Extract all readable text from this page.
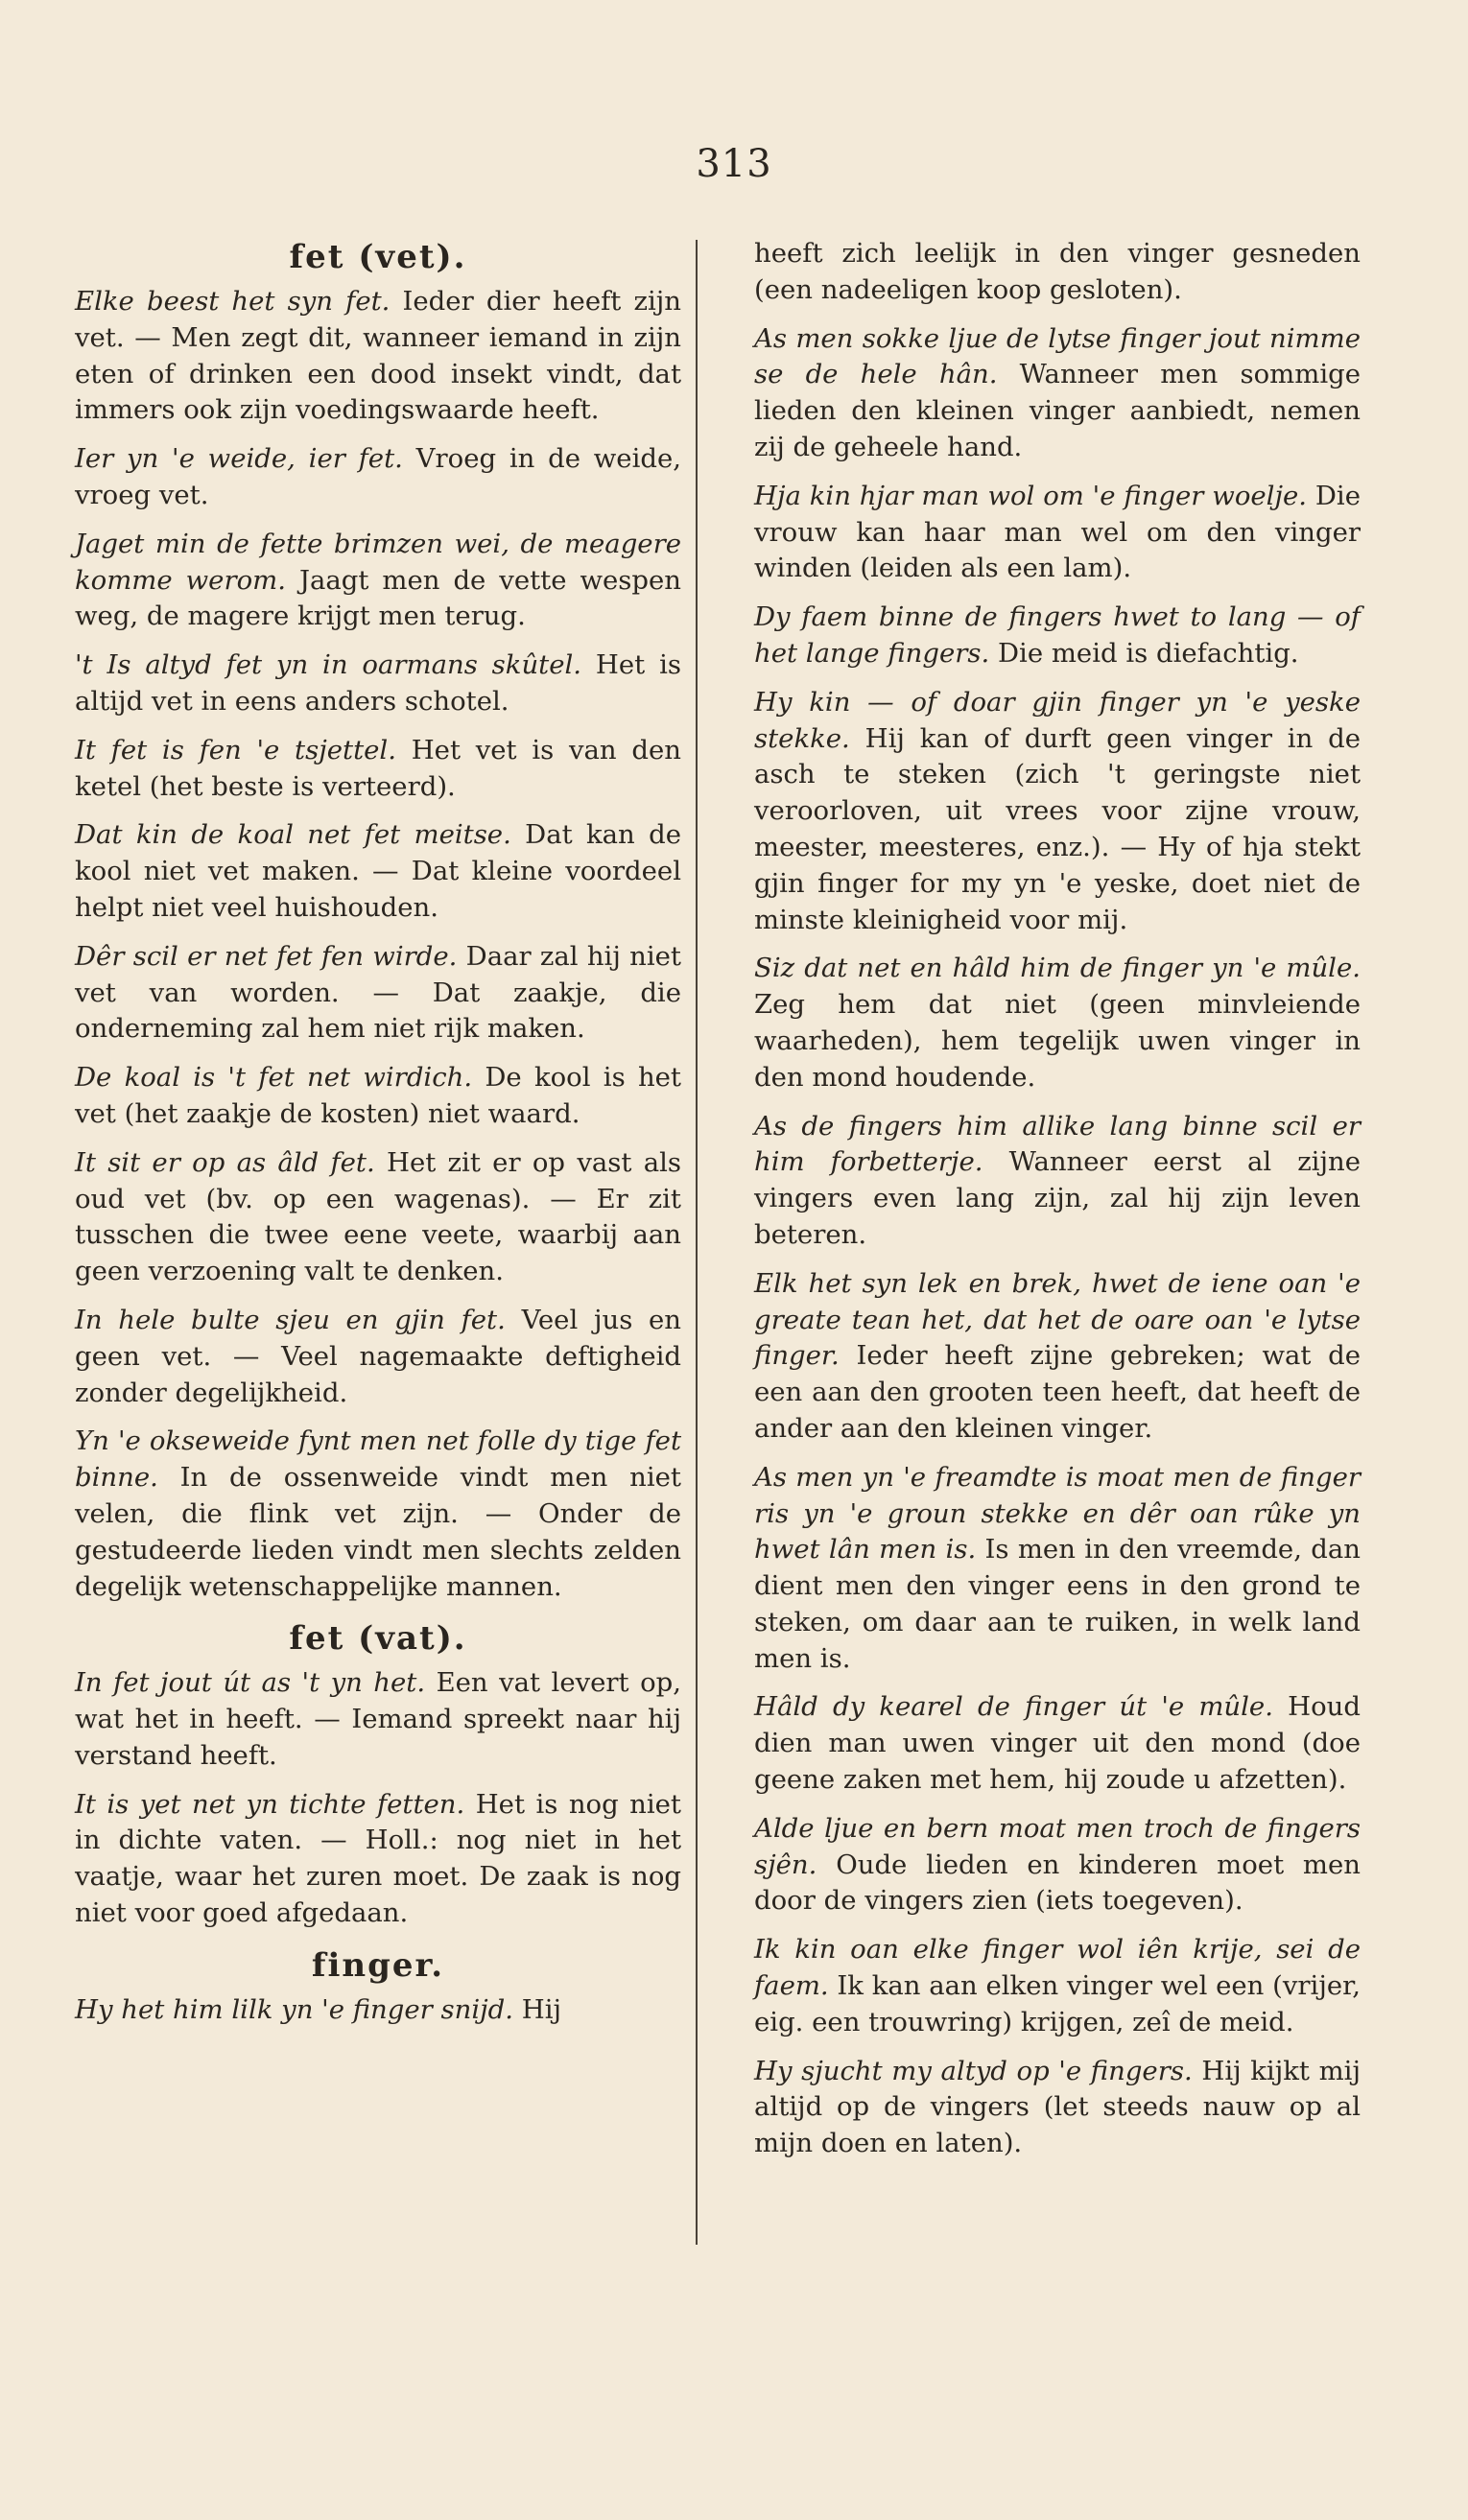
313
fet (vet).

Elke beest het syn fet. Ieder dier heeft zijn vet. — Men zegt dit, wanneer iemand in zijn eten of drinken een dood insekt vindt, dat immers ook zijn voedingswaarde heeft.

Ier yn 'e weide, ier fet. Vroeg in de weide, vroeg vet.

Jaget min de fette brimzen wei, de meagere komme werom. Jaagt men de vette wespen weg, de magere krijgt men terug.

't Is altyd fet yn in oarmans skûtel. Het is altijd vet in eens anders schotel.

It fet is fen 'e tsjettel. Het vet is van den ketel (het beste is verteerd).

Dat kin de koal net fet meitse. Dat kan de kool niet vet maken. — Dat kleine voordeel helpt niet veel huishouden.

Dêr scil er net fet fen wirde. Daar zal hij niet vet van worden. — Dat zaakje, die onderneming zal hem niet rijk maken.

De koal is 't fet net wirdich. De kool is het vet (het zaakje de kosten) niet waard.

It sit er op as âld fet. Het zit er op vast als oud vet (bv. op een wagenas). — Er zit tusschen die twee eene veete, waarbij aan geen verzoening valt te denken.

In hele bulte sjeu en gjin fet. Veel jus en geen vet. — Veel nagemaakte deftigheid zonder degelijkheid.

Yn 'e okseweide fynt men net folle dy tige fet binne. In de ossenweide vindt men niet velen, die flink vet zijn. — Onder de gestudeerde lieden vindt men slechts zelden degelijk wetenschappelijke mannen.

fet (vat).

In fet jout út as 't yn het. Een vat levert op, wat het in heeft. — Iemand spreekt naar hij verstand heeft.

It is yet net yn tichte fetten. Het is nog niet in dichte vaten. — Holl.: nog niet in het vaatje, waar het zuren moet. De zaak is nog niet voor goed afgedaan.

finger.

Hy het him lilk yn 'e finger snijd. Hij

heeft zich leelijk in den vinger gesneden (een nadeeligen koop gesloten).

As men sokke ljue de lytse finger jout nimme se de hele hân. Wanneer men sommige lieden den kleinen vinger aanbiedt, nemen zij de geheele hand.

Hja kin hjar man wol om 'e finger woelje. Die vrouw kan haar man wel om den vinger winden (leiden als een lam).

Dy faem binne de fingers hwet to lang — of het lange fingers. Die meid is diefachtig.

Hy kin — of doar gjin finger yn 'e yeske stekke. Hij kan of durft geen vinger in de asch te steken (zich 't geringste niet veroorloven, uit vrees voor zijne vrouw, meester, meesteres, enz.). — Hy of hja stekt gjin finger for my yn 'e yeske, doet niet de minste kleinigheid voor mij.

Siz dat net en hâld him de finger yn 'e mûle. Zeg hem dat niet (geen minvleiende waarheden), hem tegelijk uwen vinger in den mond houdende.

As de fingers him allike lang binne scil er him forbetterje. Wanneer eerst al zijne vingers even lang zijn, zal hij zijn leven beteren.

Elk het syn lek en brek, hwet de iene oan 'e greate tean het, dat het de oare oan 'e lytse finger. Ieder heeft zijne gebreken; wat de een aan den grooten teen heeft, dat heeft de ander aan den kleinen vinger.

As men yn 'e freamdte is moat men de finger ris yn 'e groun stekke en dêr oan rûke yn hwet lân men is. Is men in den vreemde, dan dient men den vinger eens in den grond te steken, om daar aan te ruiken, in welk land men is.

Hâld dy kearel de finger út 'e mûle. Houd dien man uwen vinger uit den mond (doe geene zaken met hem, hij zoude u afzetten).

Alde ljue en bern moat men troch de fingers sjên. Oude lieden en kinderen moet men door de vingers zien (iets toegeven).

Ik kin oan elke finger wol iên krije, sei de faem. Ik kan aan elken vinger wel een (vrijer, eig. een trouwring) krijgen, zeî de meid.

Hy sjucht my altyd op 'e fingers. Hij kijkt mij altijd op de vingers (let steeds nauw op al mijn doen en laten).
